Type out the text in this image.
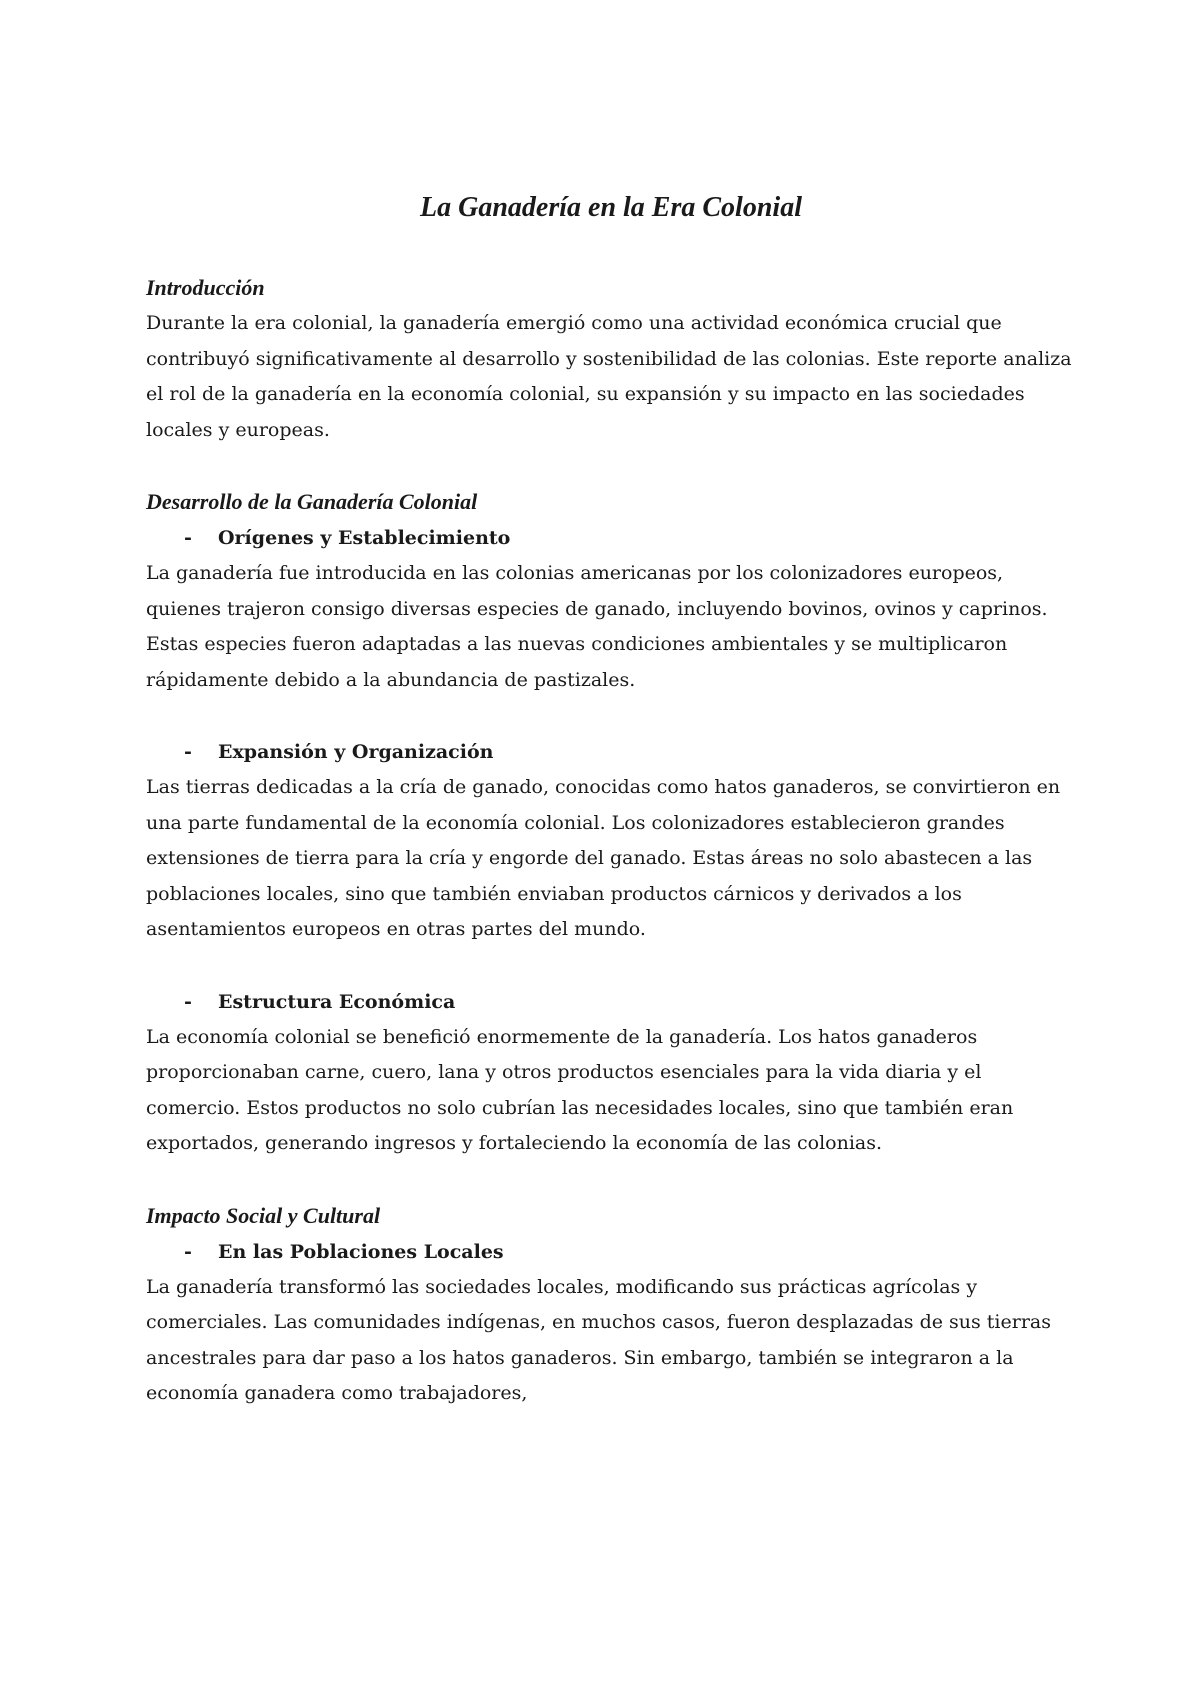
La Ganadería en la Era Colonial
Introducción

Durante la era colonial, la ganadería emergió como una actividad económica crucial que contribuyó significativamente al desarrollo y sostenibilidad de las colonias. Este reporte analiza el rol de la ganadería en la economía colonial, su expansión y su impacto en las sociedades locales y europeas.

Desarrollo de la Ganadería Colonial
- Orígenes y Establecimiento

La ganadería fue introducida en las colonias americanas por los colonizadores europeos, quienes trajeron consigo diversas especies de ganado, incluyendo bovinos, ovinos y caprinos. Estas especies fueron adaptadas a las nuevas condiciones ambientales y se multiplicaron rápidamente debido a la abundancia de pastizales.

- Expansión y Organización

Las tierras dedicadas a la cría de ganado, conocidas como hatos ganaderos, se convirtieron en una parte fundamental de la economía colonial. Los colonizadores establecieron grandes extensiones de tierra para la cría y engorde del ganado. Estas áreas no solo abastecen a las poblaciones locales, sino que también enviaban productos cárnicos y derivados a los asentamientos europeos en otras partes del mundo.

- Estructura Económica

La economía colonial se benefició enormemente de la ganadería. Los hatos ganaderos proporcionaban carne, cuero, lana y otros productos esenciales para la vida diaria y el comercio. Estos productos no solo cubrían las necesidades locales, sino que también eran exportados, generando ingresos y fortaleciendo la economía de las colonias.

Impacto Social y Cultural
- En las Poblaciones Locales

La ganadería transformó las sociedades locales, modificando sus prácticas agrícolas y comerciales. Las comunidades indígenas, en muchos casos, fueron desplazadas de sus tierras ancestrales para dar paso a los hatos ganaderos. Sin embargo, también se integraron a la economía ganadera como trabajadores,
